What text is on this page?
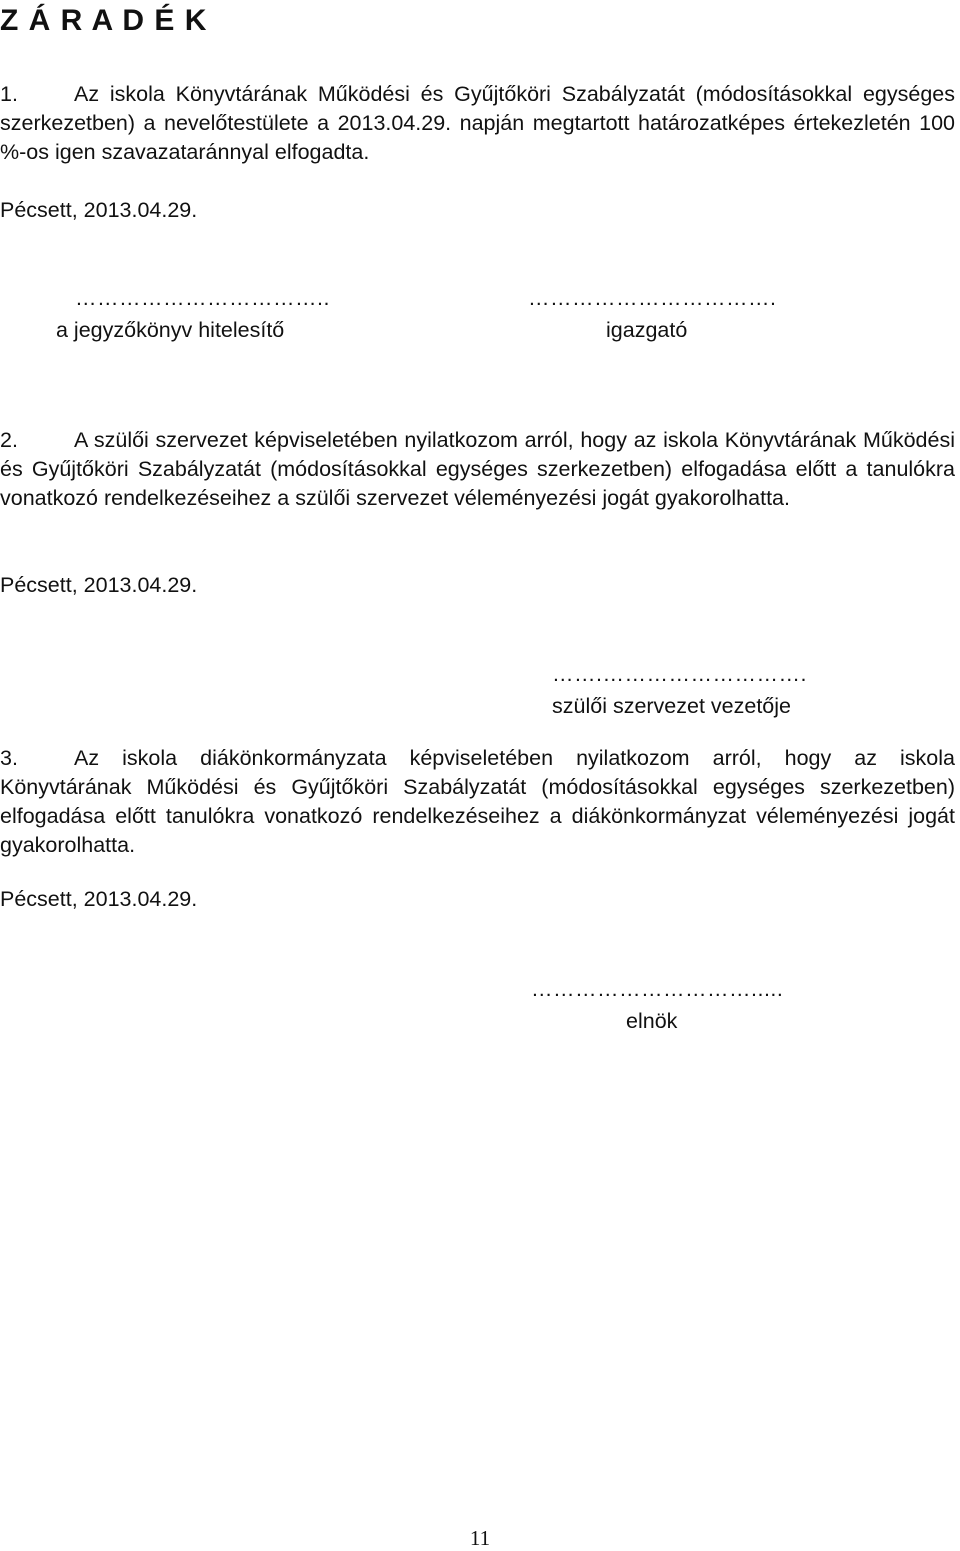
Z Á R A D É K
1.	Az iskola Könyvtárának Működési és Gyűjtőköri Szabályzatát (módosításokkal egységes szerkezetben) a nevelőtestülete a 2013.04.29. napján megtartott határozatképes értekezletén 100 %-os igen szavazataránnyal elfogadta.
Pécsett, 2013.04.29.
……………………………..
a jegyzőkönyv hitelesítő
…………………………….
igazgató
2.	A szülői szervezet képviseletében nyilatkozom arról, hogy az iskola Könyvtárának Működési és Gyűjtőköri Szabályzatát (módosításokkal egységes szerkezetben) elfogadása előtt a tanulókra vonatkozó rendelkezéseihez a szülői szervezet véleményezési jogát gyakorolhatta.
Pécsett, 2013.04.29.
…….……………………….
szülői szervezet vezetője
3.	Az iskola diákönkormányzata képviseletében nyilatkozom arról, hogy az iskola Könyvtárának Működési és Gyűjtőköri Szabályzatát (módosításokkal egységes szerkezetben) elfogadása előtt tanulókra vonatkozó rendelkezéseihez a diákönkormányzat véleményezési jogát gyakorolhatta.
Pécsett, 2013.04.29.
………………………….....
elnök
11
